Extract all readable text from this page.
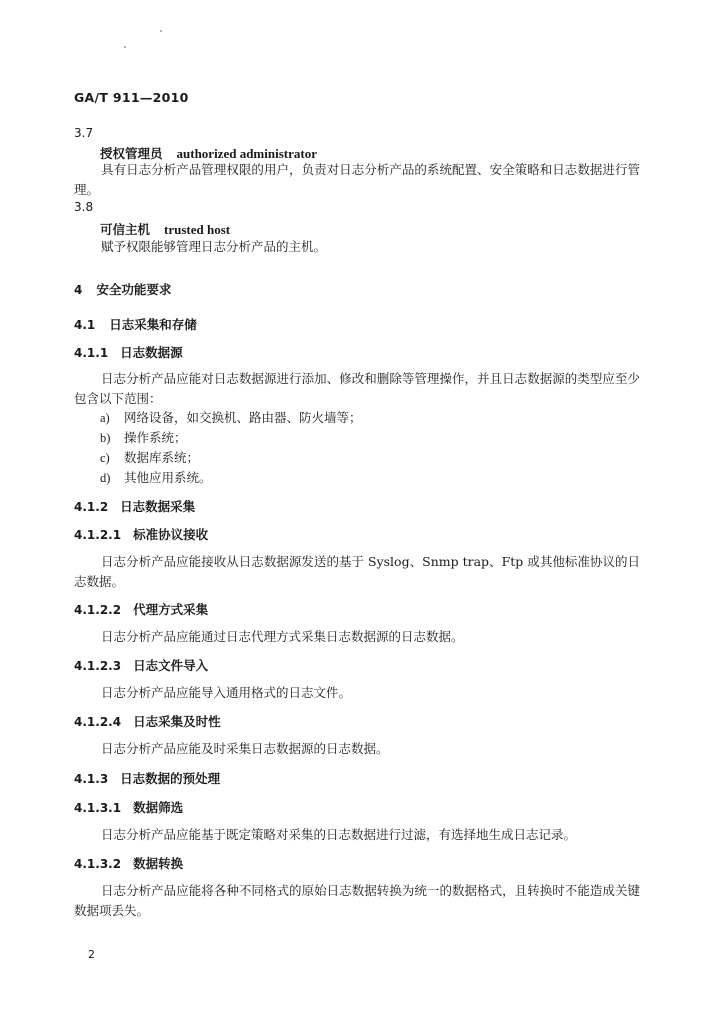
GA/T 911—2010
3.7
授权管理员 authorized administrator
具有日志分析产品管理权限的用户，负责对日志分析产品的系统配置、安全策略和日志数据进行管理。
3.8
可信主机 trusted host
赋予权限能够管理日志分析产品的主机。
4 安全功能要求
4.1 日志采集和存储
4.1.1 日志数据源
日志分析产品应能对日志数据源进行添加、修改和删除等管理操作，并且日志数据源的类型应至少包含以下范围：
a) 网络设备，如交换机、路由器、防火墙等；
b) 操作系统；
c) 数据库系统；
d) 其他应用系统。
4.1.2 日志数据采集
4.1.2.1 标准协议接收
日志分析产品应能接收从日志数据源发送的基于 Syslog、Snmp trap、Ftp 或其他标准协议的日志数据。
4.1.2.2 代理方式采集
日志分析产品应能通过日志代理方式采集日志数据源的日志数据。
4.1.2.3 日志文件导入
日志分析产品应能导入通用格式的日志文件。
4.1.2.4 日志采集及时性
日志分析产品应能及时采集日志数据源的日志数据。
4.1.3 日志数据的预处理
4.1.3.1 数据筛选
日志分析产品应能基于既定策略对采集的日志数据进行过滤，有选择地生成日志记录。
4.1.3.2 数据转换
日志分析产品应能将各种不同格式的原始日志数据转换为统一的数据格式，且转换时不能造成关键数据项丢失。
2
